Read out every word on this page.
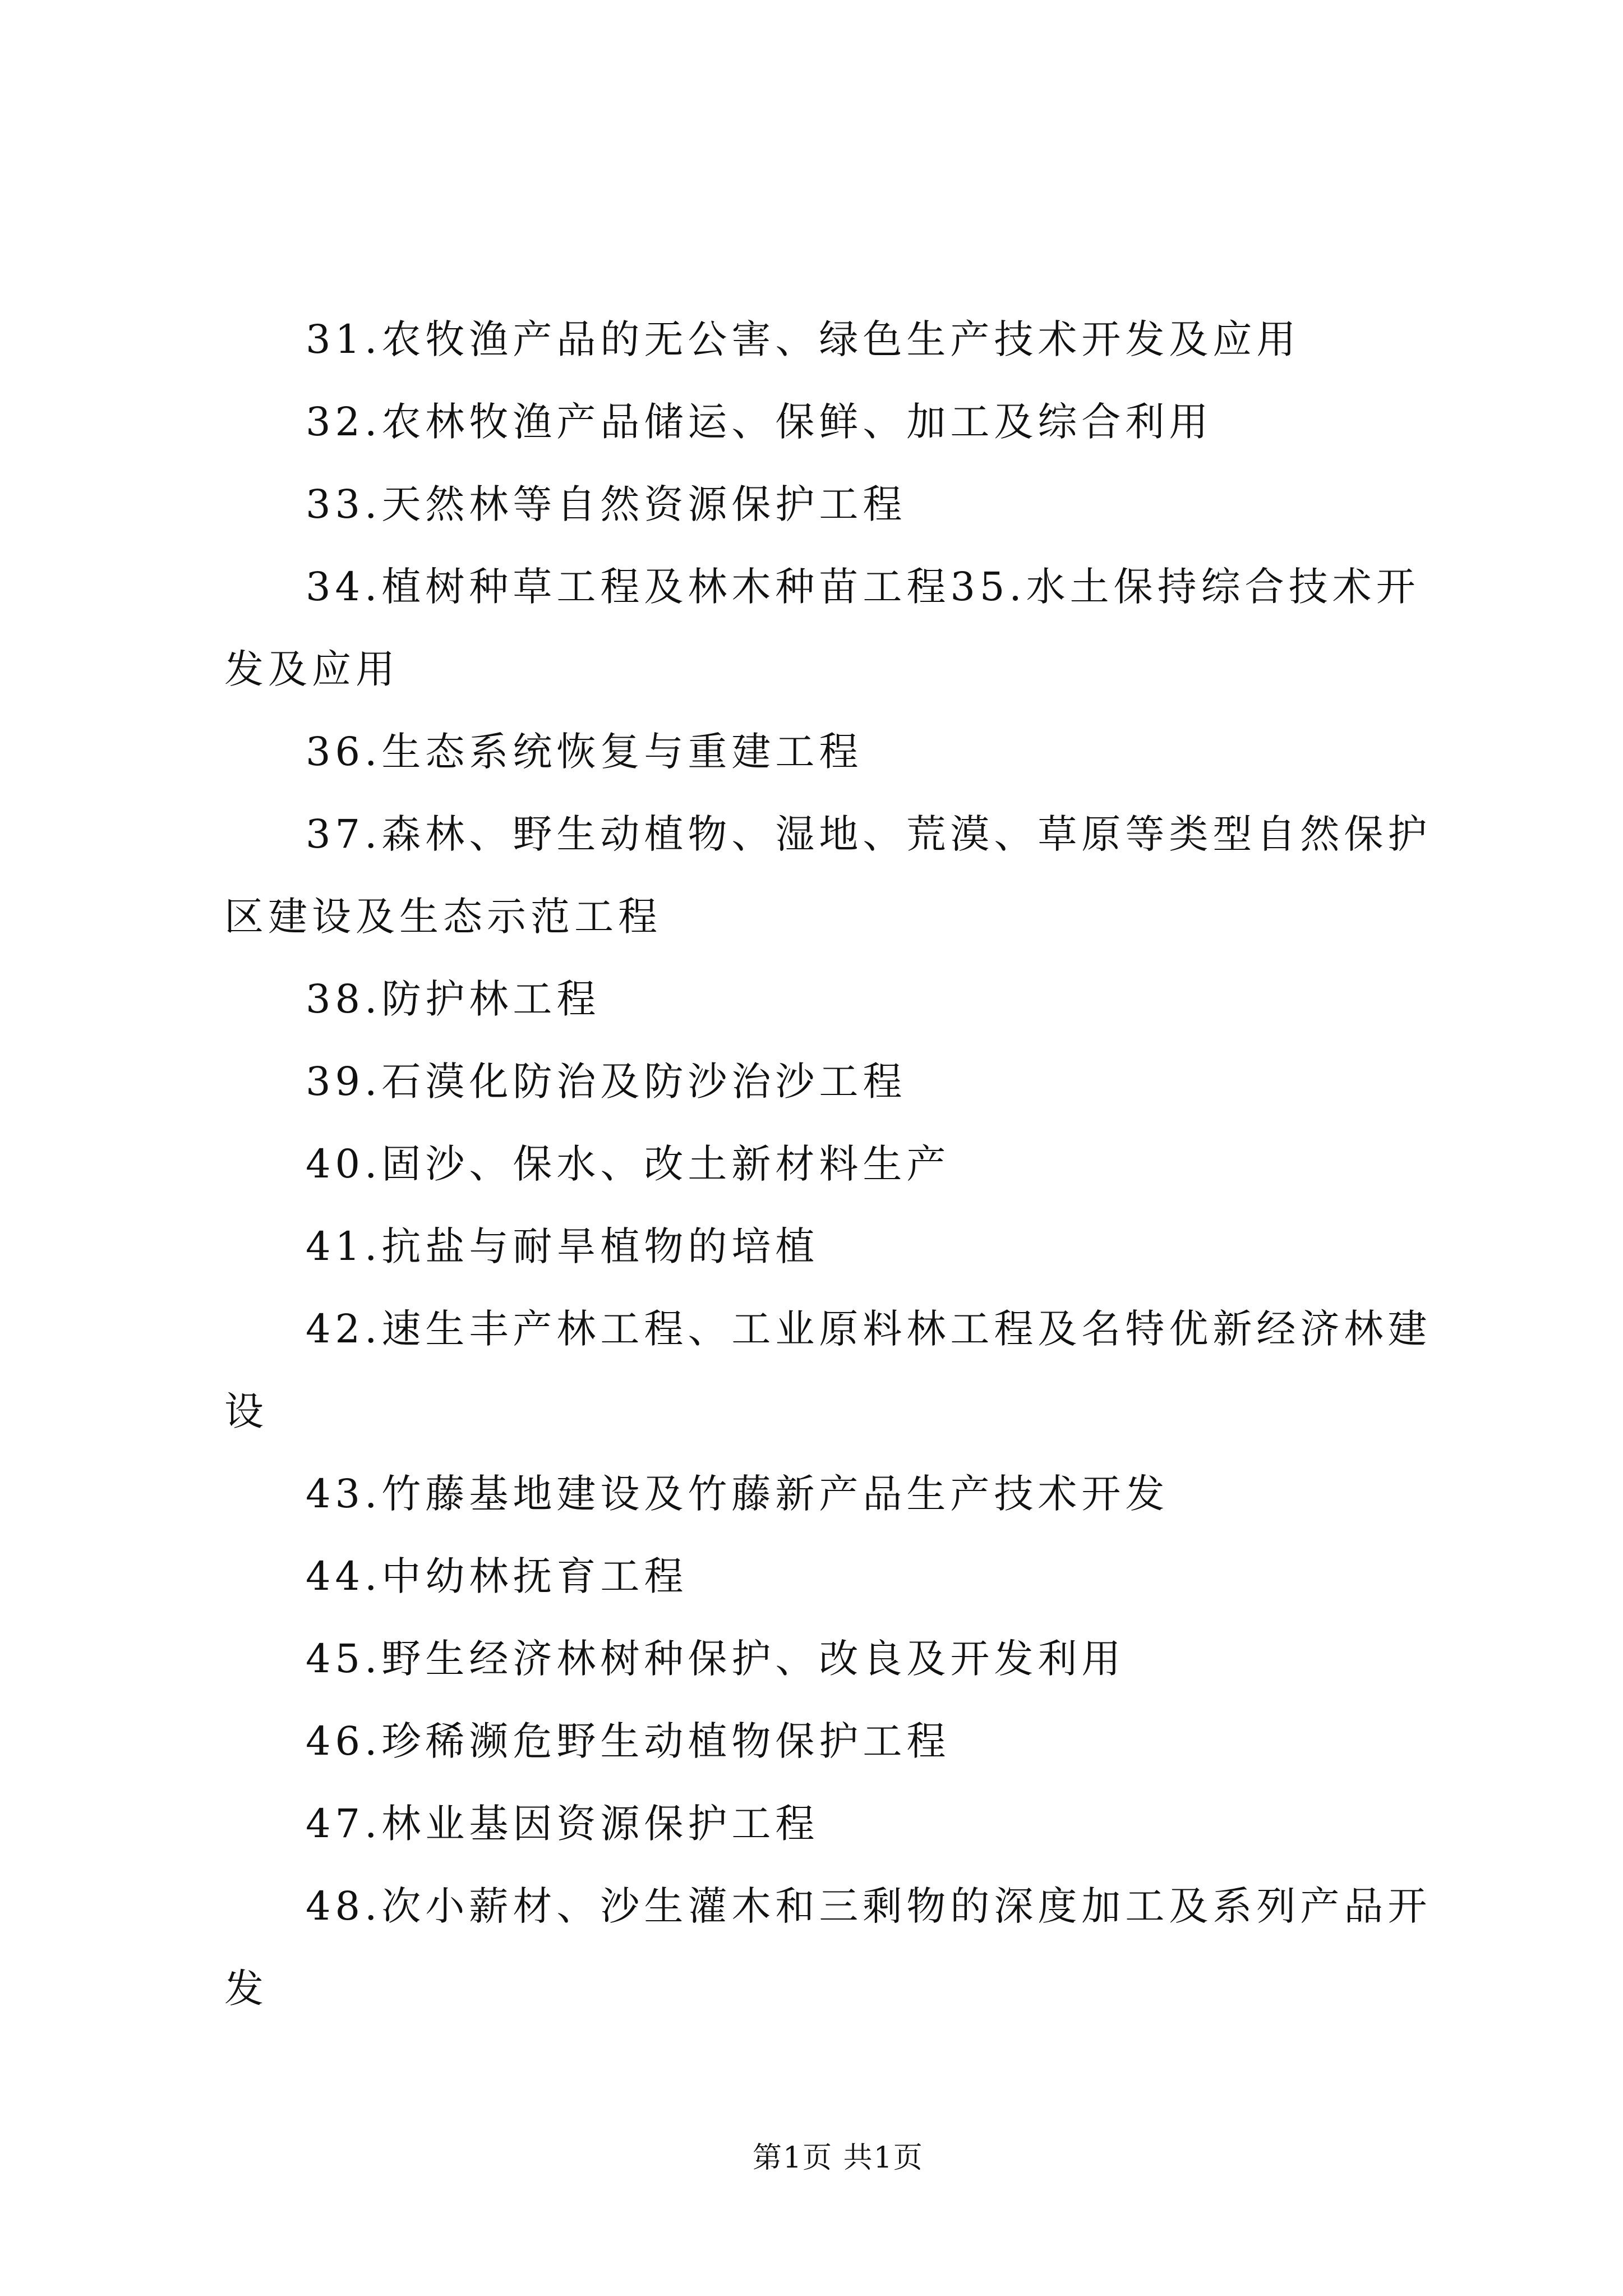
31.农牧渔产品的无公害、绿色生产技术开发及应用
32.农林牧渔产品储运、保鲜、加工及综合利用
33.天然林等自然资源保护工程
34.植树种草工程及林木种苗工程35.水土保持综合技术开
发及应用
36.生态系统恢复与重建工程
37.森林、野生动植物、湿地、荒漠、草原等类型自然保护
区建设及生态示范工程
38.防护林工程
39.石漠化防治及防沙治沙工程
40.固沙、保水、改土新材料生产
41.抗盐与耐旱植物的培植
42.速生丰产林工程、工业原料林工程及名特优新经济林建
设
43.竹藤基地建设及竹藤新产品生产技术开发
44.中幼林抚育工程
45.野生经济林树种保护、改良及开发利用
46.珍稀濒危野生动植物保护工程
47.林业基因资源保护工程
48.次小薪材、沙生灌木和三剩物的深度加工及系列产品开
发
第1页 共1页
